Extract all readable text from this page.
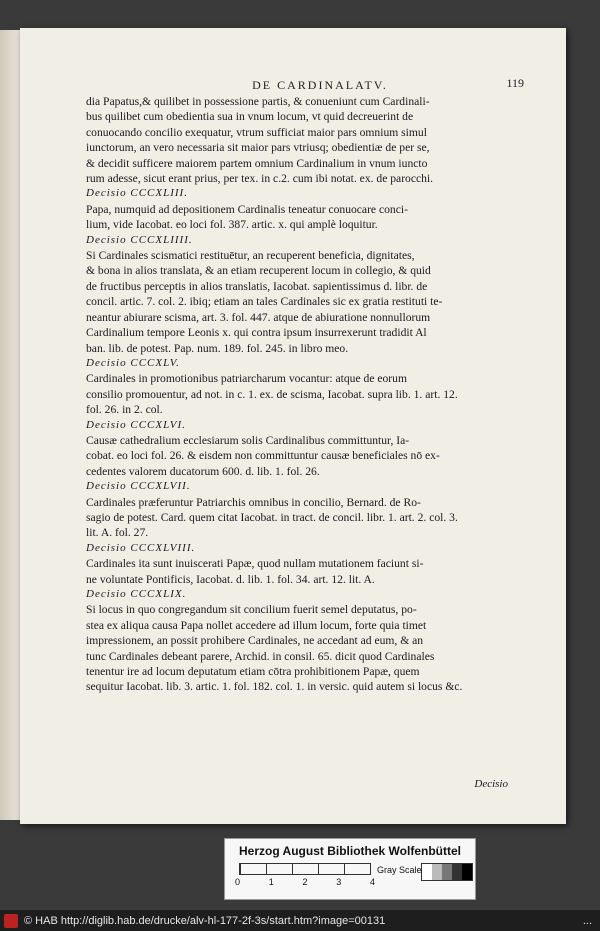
DE CARDINALATV.	119

dia Papatus,& quilibet in possessione partis, & conueniunt cum Cardinali-
bus quilibet cum obedientia sua in vnum locum, vt quid decreuerint de
conuocando concilio exequatur, vtrum sufficiat maior pars omnium simul
iunctorum, an vero necessaria sit maior pars vtriusq; obedientiæ de per se,
& decidit sufficere maiorem partem omnium Cardinalium in vnum iuncto
rum adesse, sicut erant prius, per tex. in c.2. cum ibi notat. ex. de parocchi.

Decisio CCCXLIII.

Papa, numquid ad depositionem Cardinalis teneatur conuocare conci-
lium, vide Iacobat. eo loci fol. 387. artic. x. qui amplè loquitur.

Decisio CCCXLIIII.

Si Cardinales scismatici restituētur, an recuperent beneficia, dignitates,
& bona in alios translata, & an etiam recuperent locum in collegio, & quid
de fructibus perceptis in alios translatis, Iacobat. sapientissimus d. libr. de
concil. artic. 7. col. 2. ibiq; etiam an tales Cardinales sic ex gratia restituti te-
neantur abiurare scisma, art. 3. fol. 447. atque de abiuratione nonnullorum
Cardinalium tempore Leonis x. qui contra ipsum insurrexerunt tradidit Al
ban. lib. de potest. Pap. num. 189. fol. 245. in libro meo.

Decisio CCCXLV.

Cardinales in promotionibus patriarcharum vocantur: atque de eorum
consilio promouentur, ad not. in c. 1. ex. de scisma, Iacobat. supra lib. 1. art. 12.
fol. 26. in 2. col.

Decisio CCCXLVI.

Causæ cathedralium ecclesiarum solis Cardinalibus committuntur, Ia-
cobat. eo loci fol. 26. & eisdem non committuntur causæ beneficiales nō ex-
cedentes valorem ducatorum 600. d. lib. 1. fol. 26.

Decisio CCCXLVII.

Cardinales præferuntur Patriarchis omnibus in concilio, Bernard. de Ro-
sagio de potest. Card. quem citat Iacobat. in tract. de concil. libr. 1. art. 2. col. 3.
lit. A. fol. 27.

Decisio CCCXLVIII.

Cardinales ita sunt inuiscerati Papæ, quod nullam mutationem faciunt si-
ne voluntate Pontificis, Iacobat. d. lib. 1. fol. 34. art. 12. lit. A.

Decisio CCCXLIX.

Si locus in quo congregandum sit concilium fuerit semel deputatus, po-
stea ex aliqua causa Papa nollet accedere ad illum locum, forte quia timet
impressionem, an possit prohibere Cardinales, ne accedant ad eum, & an
tunc Cardinales debeant parere, Archid. in consil. 65. dicit quod Cardinales
tenentur ire ad locum deputatum etiam cōtra prohibitionem Papæ, quem
sequitur Iacobat. lib. 3. artic. 1. fol. 182. col. 1. in versic. quid autem si locus &c.

Decisio
Herzog August Bibliothek Wolfenbüttel
0	1	2	3	4
Gray Scale
© HAB http://diglib.hab.de/drucke/alv-hl-177-2f-3s/start.htm?image=00131	...
